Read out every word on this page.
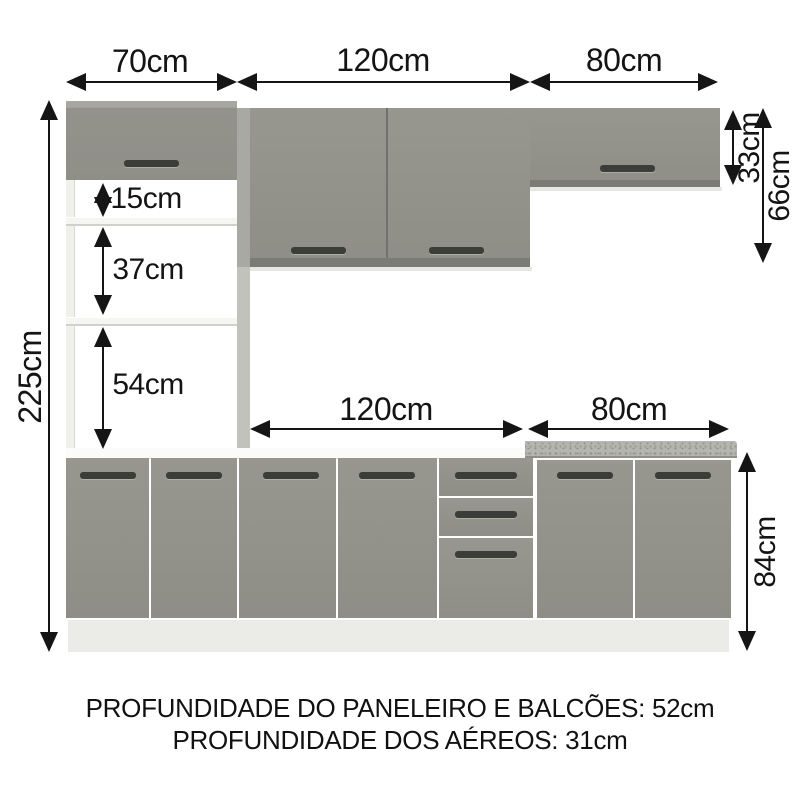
70cm	120cm	80cm
225cm
15cm
37cm
54cm
33cm
66cm
120cm	80cm
84cm
PROFUNDIDADE DO PANELEIRO E BALCÕES: 52cm
PROFUNDIDADE DOS AÉREOS: 31cm
